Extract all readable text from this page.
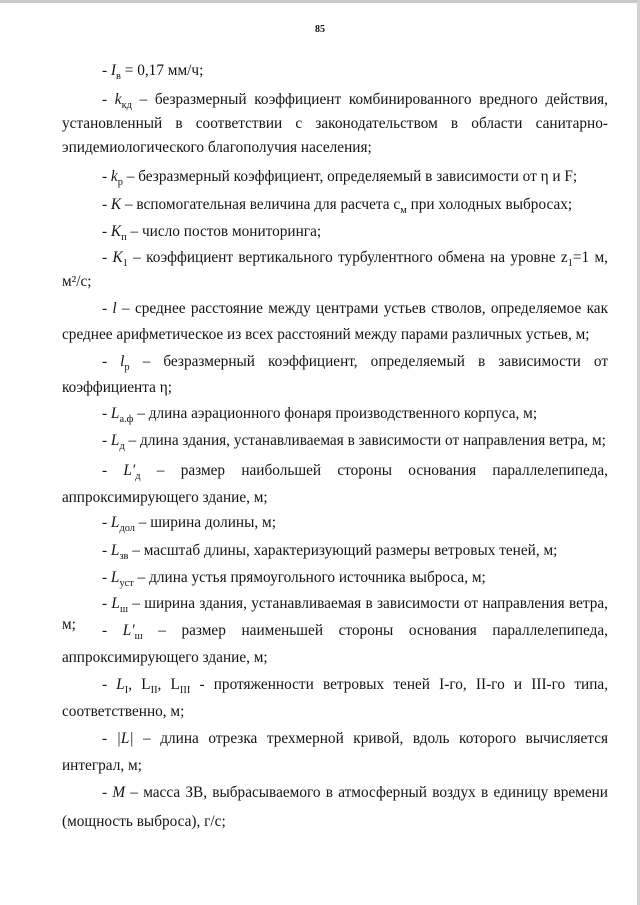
85

- $I_в = 0,17$ мм/ч;

- $k_{кд}$ – безразмерный коэффициент комбинированного вредного действия, установленный в соответствии с законодательством в области санитарно-эпидемиологического благополучия населения;

- $k_р$ – безразмерный коэффициент, определяемый в зависимости от η и F;

- K – вспомогательная величина для расчета $с_м$ при холодных выбросах;

- $K_п$ – число постов мониторинга;

- $K_1$ – коэффициент вертикального турбулентного обмена на уровне $z_1=1$ м, м²/с;

- l – среднее расстояние между центрами устьев стволов, определяемое как среднее арифметическое из всех расстояний между парами различных устьев, м;

- $l_р$ – безразмерный коэффициент, определяемый в зависимости от коэффициента η;

- $L_{а.ф}$ – длина аэрационного фонаря производственного корпуса, м;

- $L_д$ – длина здания, устанавливаемая в зависимости от направления ветра, м;

- $L'_д$ – размер наибольшей стороны основания параллелепипеда, аппроксимирующего здание, м;

- $L_{дол}$ – ширина долины, м;

- $L_{зв}$ – масштаб длины, характеризующий размеры ветровых теней, м;

- $L_{уст}$ – длина устья прямоугольного источника выброса, м;

- $L_ш$ – ширина здания, устанавливаемая в зависимости от направления ветра, м;	- $L'_ш$ – размер наименьшей стороны основания параллелепипеда, аппроксимирующего здание, м;

- $L_I$, $L_{II}$, $L_{III}$ - протяженности ветровых теней I-го, II-го и III-го типа, соответственно, м;

- |L| – длина отрезка трехмерной кривой, вдоль которого вычисляется интеграл, м;

- M – масса ЗВ, выбрасываемого в атмосферный воздух в единицу времени (мощность выброса), г/с;
